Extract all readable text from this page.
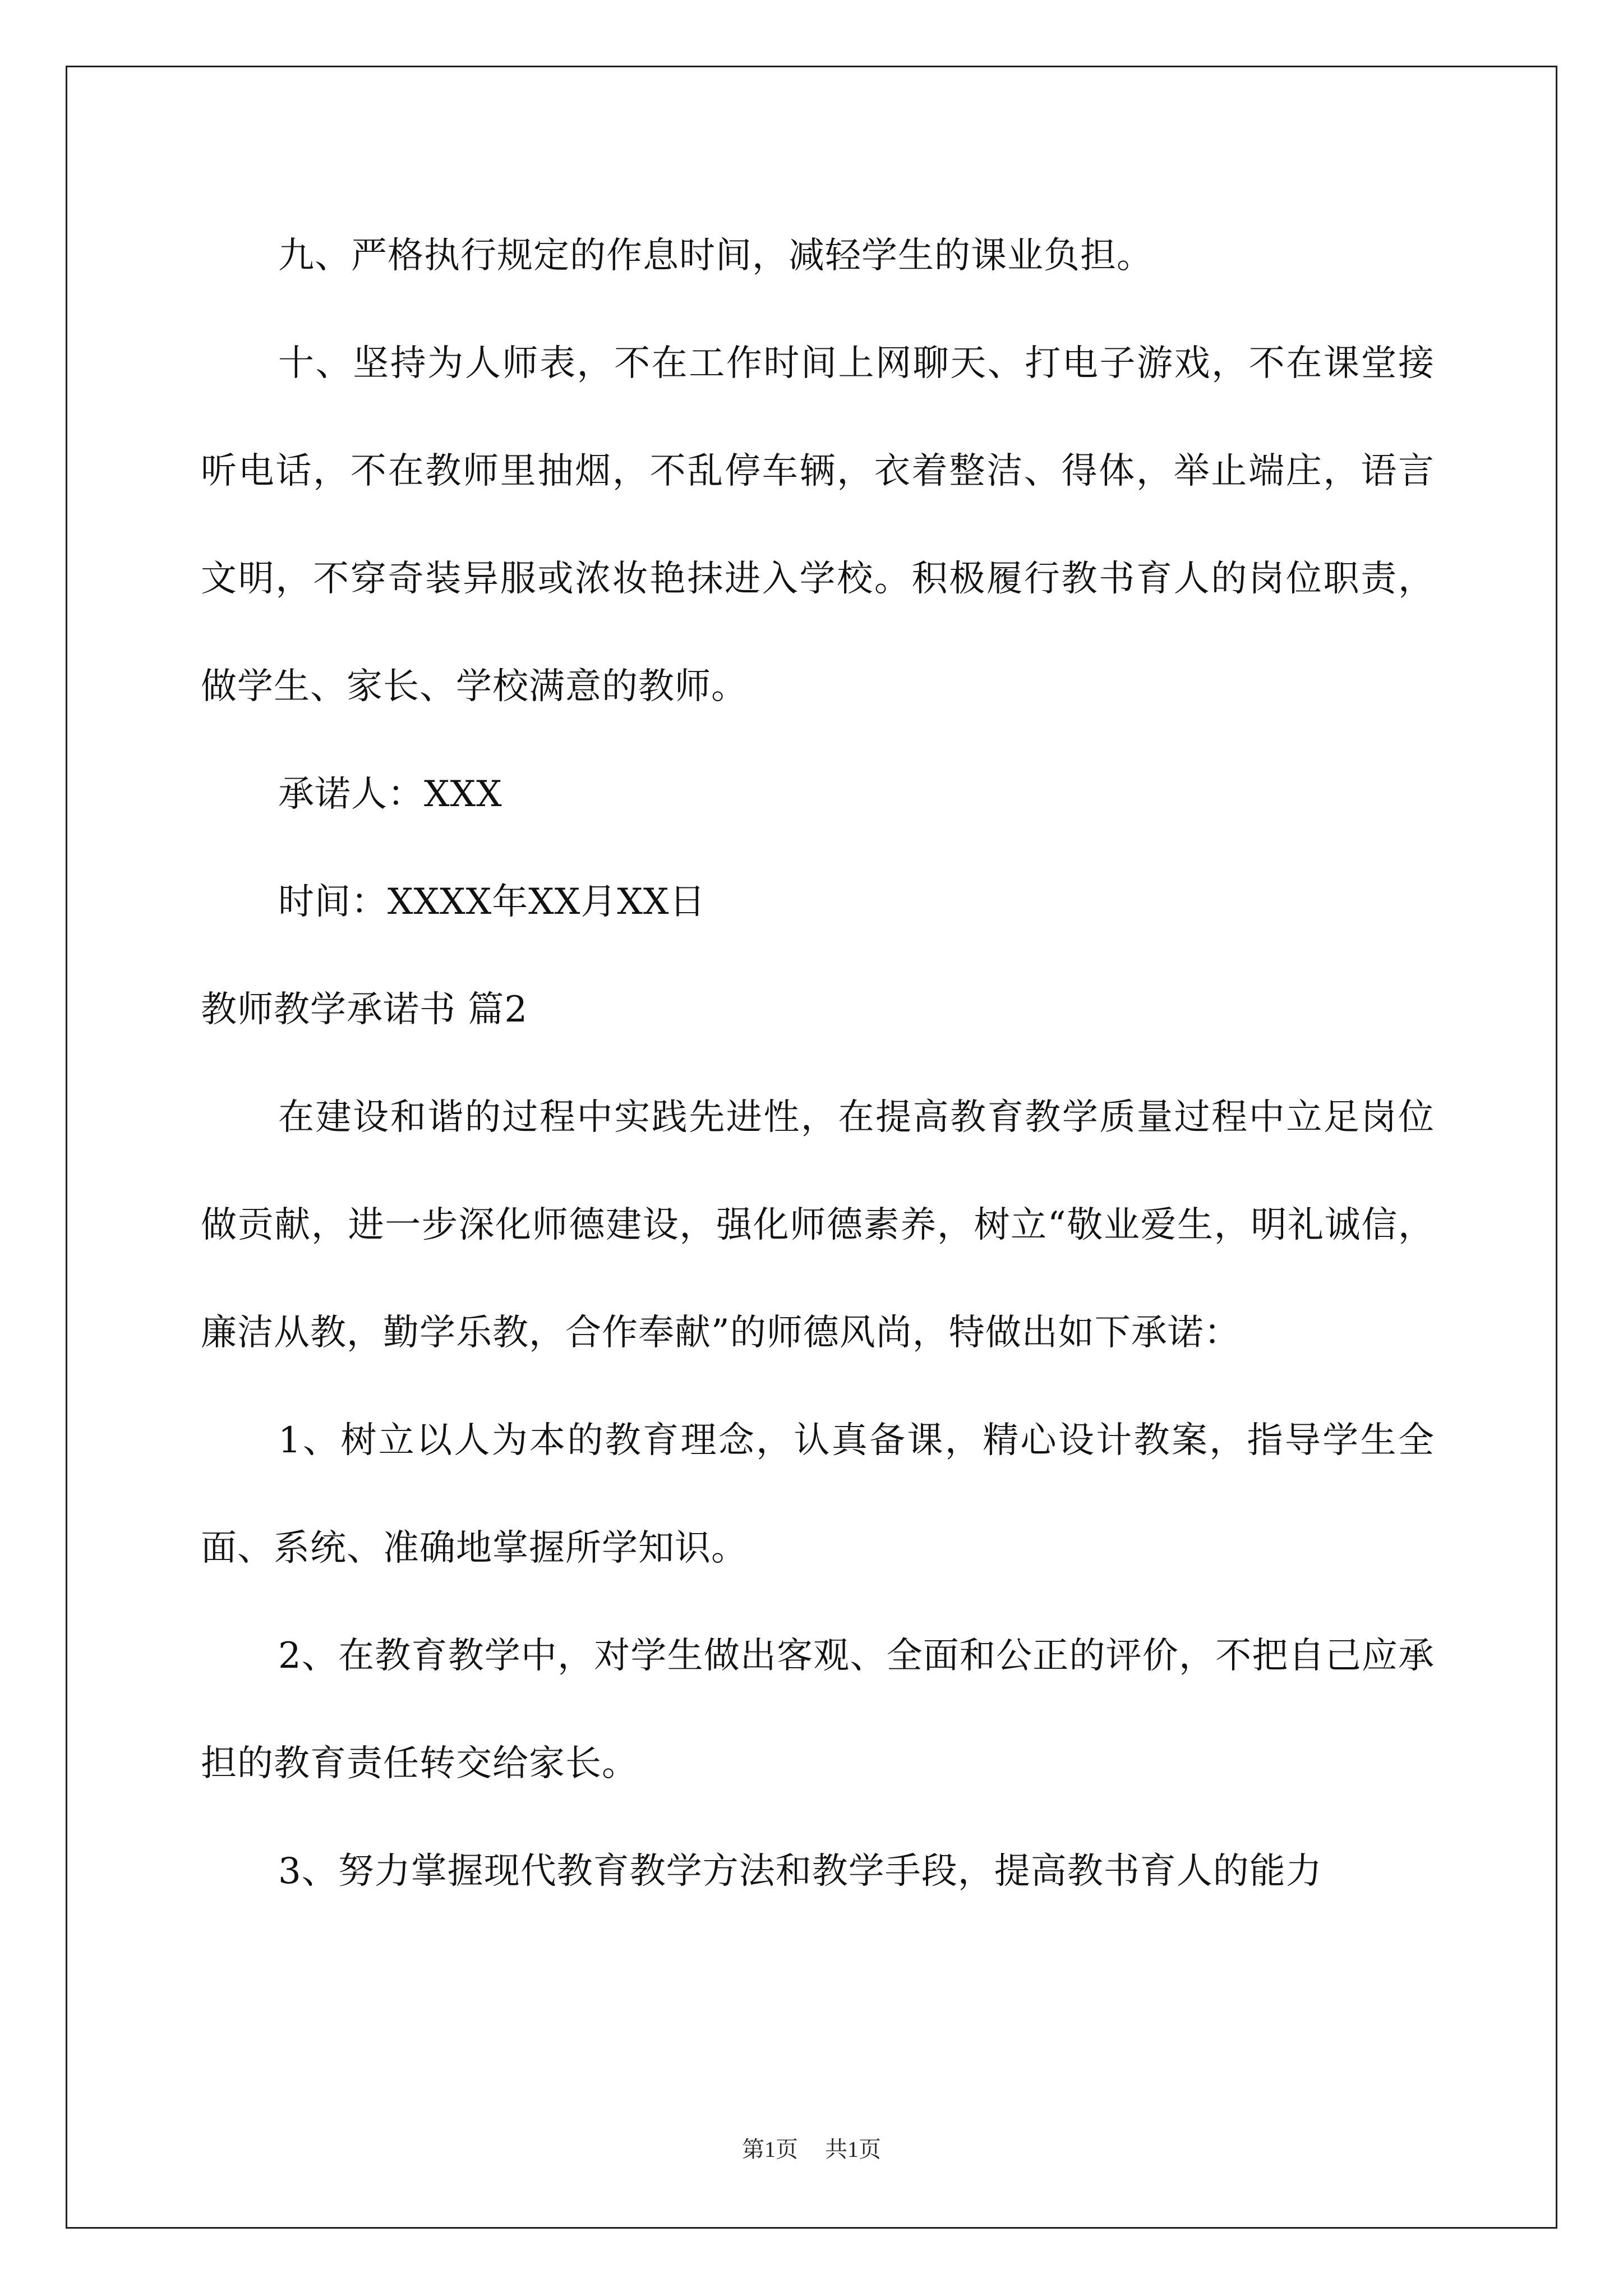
九、严格执行规定的作息时间，减轻学生的课业负担。

十、坚持为人师表，不在工作时间上网聊天、打电子游戏，不在课堂接听电话，不在教师里抽烟，不乱停车辆，衣着整洁、得体，举止端庄，语言文明，不穿奇装异服或浓妆艳抹进入学校。积极履行教书育人的岗位职责，做学生、家长、学校满意的教师。

承诺人：XXX

时间：XXXX年XX月XX日

教师教学承诺书 篇2

在建设和谐的过程中实践先进性，在提高教育教学质量过程中立足岗位做贡献，进一步深化师德建设，强化师德素养，树立“敬业爱生，明礼诚信，廉洁从教，勤学乐教，合作奉献”的师德风尚，特做出如下承诺：

1、树立以人为本的教育理念，认真备课，精心设计教案，指导学生全面、系统、准确地掌握所学知识。

2、在教育教学中，对学生做出客观、全面和公正的评价，不把自己应承担的教育责任转交给家长。

3、努力掌握现代教育教学方法和教学手段，提高教书育人的能力

第1页 共1页
